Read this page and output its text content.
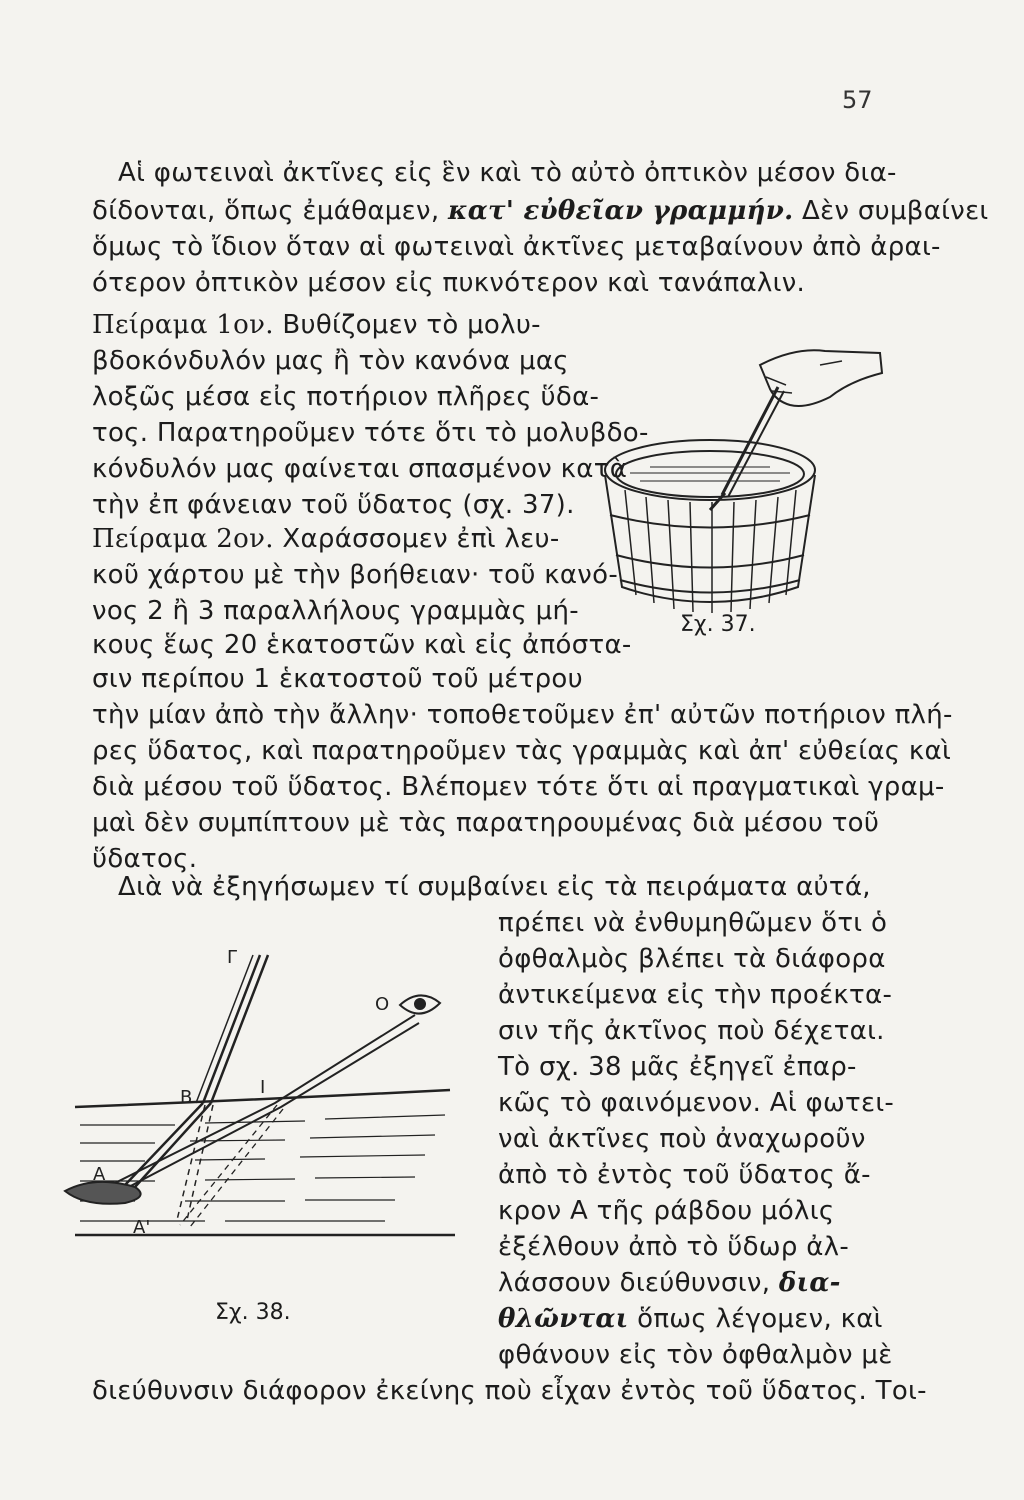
57
Αἱ φωτειναὶ ἀκτῖνες εἰς ἓν καὶ τὸ αὐτὸ ὀπτικὸν μέσον δια-
δίδονται, ὅπως ἐμάθαμεν, κατ' εὐθεῖαν γραμμήν. Δὲν συμβαίνει
ὅμως τὸ ἴδιον ὅταν αἱ φωτειναὶ ἀκτῖνες μεταβαίνουν ἀπὸ ἀραι-
ότερον ὀπτικὸν μέσον εἰς πυκνότερον καὶ τανάπαλιν.
Πείραμα 1ον. Βυθίζομεν τὸ μολυ-
βδοκόνδυλόν μας ἢ τὸν κανόνα μας
λοξῶς μέσα εἰς ποτήριον πλῆρες ὕδα-
τος. Παρατηροῦμεν τότε ὅτι τὸ μολυβδο-
κόνδυλόν μας φαίνεται σπασμένον κατὰ
τὴν ἐπ φάνειαν τοῦ ὕδατος (σχ. 37).
Πείραμα 2ον. Χαράσσομεν ἐπὶ λευ-
κοῦ χάρτου μὲ τὴν βοήθειαν· τοῦ κανό-
νος 2 ἢ 3 παραλλήλους γραμμὰς μή-
κους ἕως 20 ἑκατοστῶν καὶ εἰς ἀπόστα-
σιν περίπου 1 ἑκατοστοῦ τοῦ μέτρου
τὴν μίαν ἀπὸ τὴν ἄλλην· τοποθετοῦμεν ἐπ' αὐτῶν ποτήριον πλή-
ρες ὕδατος, καὶ παρατηροῦμεν τὰς γραμμὰς καὶ ἀπ' εὐθείας καὶ
διὰ μέσου τοῦ ὕδατος. Βλέπομεν τότε ὅτι αἱ πραγματικαὶ γραμ-
μαὶ δὲν συμπίπτουν μὲ τὰς παρατηρουμένας διὰ μέσου τοῦ
ὕδατος.
Διὰ νὰ ἐξηγήσωμεν τί συμβαίνει εἰς τὰ πειράματα αὐτά,
πρέπει νὰ ἐνθυμηθῶμεν ὅτι ὁ
ὀφθαλμὸς βλέπει τὰ διάφορα
ἀντικείμενα εἰς τὴν προέκτα-
σιν τῆς ἀκτῖνος ποὺ δέχεται.
Τὸ σχ. 38 μᾶς ἐξηγεῖ ἐπαρ-
κῶς τὸ φαινόμενον. Αἱ φωτει-
ναὶ ἀκτῖνες ποὺ ἀναχωροῦν
ἀπὸ τὸ ἐντὸς τοῦ ὕδατος ἄ-
κρον Α τῆς ράβδου μόλις
ἐξέλθουν ἀπὸ τὸ ὕδωρ ἀλ-
λάσσουν διεύθυνσιν, δια-
θλῶνται ὅπως λέγομεν, καὶ
φθάνουν εἰς τὸν ὀφθαλμὸν μὲ
διεύθυνσιν διάφορον ἐκείνης ποὺ εἶχαν ἐντὸς τοῦ ὕδατος. Τοι-
Σχ. 37.
Γ
Ο
Β	Ι
Α
Α'
Σχ. 38.
